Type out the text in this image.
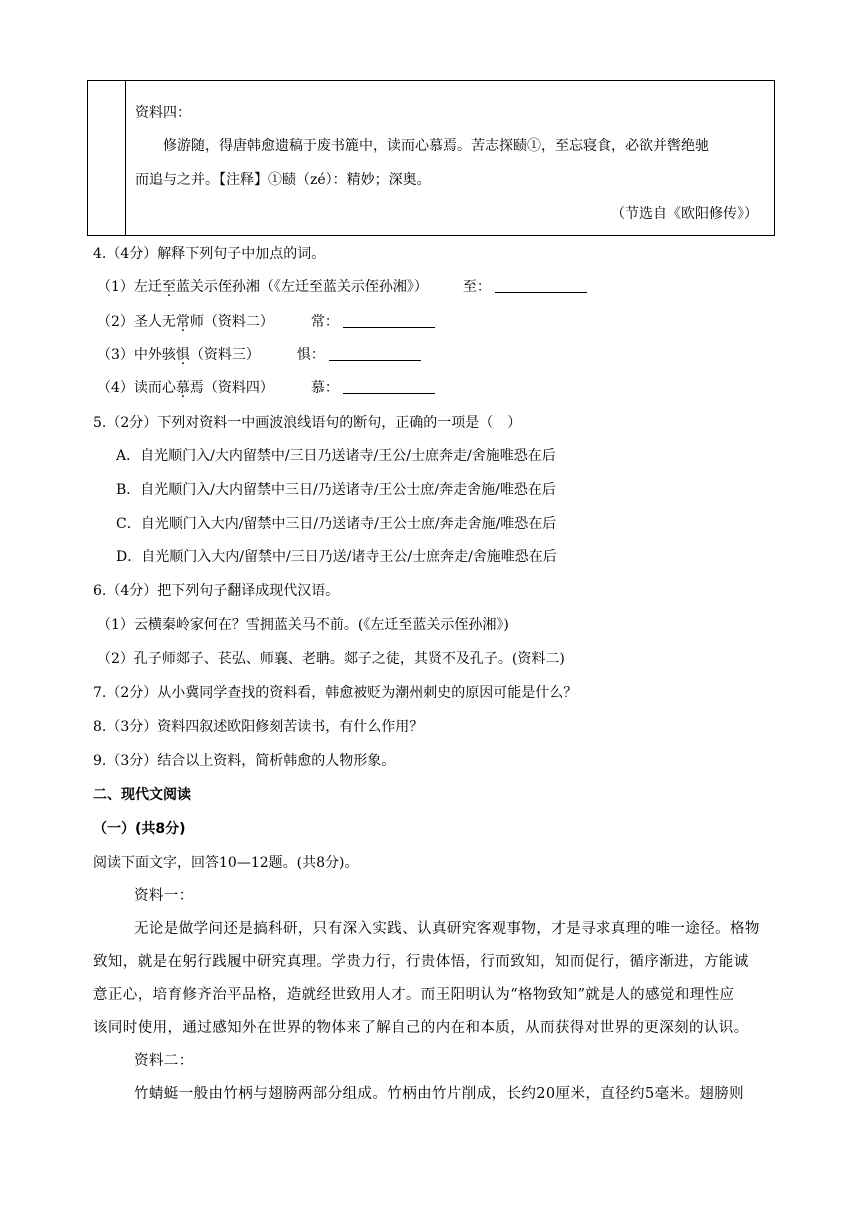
资料四：
修游随，得唐韩愈遗稿于废书簏中，读而心慕焉。苦志探赜①，至忘寝食，必欲并辔绝驰
而追与之并。【注释】①赜（zé）：精妙；深奥。
（节选自《欧阳修传》）
4.（4分）解释下列句子中加点的词。
（1）左迁至蓝关示侄孙湘（《左迁至蓝关示侄孙湘》） 至：
（2）圣人无常师（资料二）	常：
（3）中外骇惧（资料三）	惧：
（4）读而心慕焉（资料四）	慕：
5.（2分）下列对资料一中画波浪线语句的断句，正确的一项是（　）
A．自光顺门入/大内留禁中/三日乃送诸寺/王公/士庶奔走/舍施唯恐在后
B．自光顺门入/大内留禁中三日/乃送诸寺/王公士庶/奔走舍施/唯恐在后
C．自光顺门入大内/留禁中三日/乃送诸寺/王公士庶/奔走舍施/唯恐在后
D．自光顺门入大内/留禁中/三日乃送/诸寺王公/士庶奔走/舍施唯恐在后
6.（4分）把下列句子翻译成现代汉语。
（1）云横秦岭家何在？雪拥蓝关马不前。(《左迁至蓝关示侄孙湘》)
（2）孔子师郯子、苌弘、师襄、老聃。郯子之徒，其贤不及孔子。(资料二)
7.（2分）从小冀同学查找的资料看，韩愈被贬为潮州刺史的原因可能是什么？
8.（3分）资料四叙述欧阳修刻苦读书，有什么作用？
9.（3分）结合以上资料，简析韩愈的人物形象。
二、现代文阅读
（一）(共8分)
阅读下面文字，回答10—12题。(共8分)。
资料一：
无论是做学问还是搞科研，只有深入实践、认真研究客观事物，才是寻求真理的唯一途径。格物
致知，就是在躬行践履中研究真理。学贵力行，行贵体悟，行而致知，知而促行，循序渐进，方能诚
意正心，培育修齐治平品格，造就经世致用人才。而王阳明认为“格物致知”就是人的感觉和理性应
该同时使用，通过感知外在世界的物体来了解自己的内在和本质，从而获得对世界的更深刻的认识。
资料二：
竹蜻蜓一般由竹柄与翅膀两部分组成。竹柄由竹片削成，长约20厘米，直径约5毫米。翅膀则
